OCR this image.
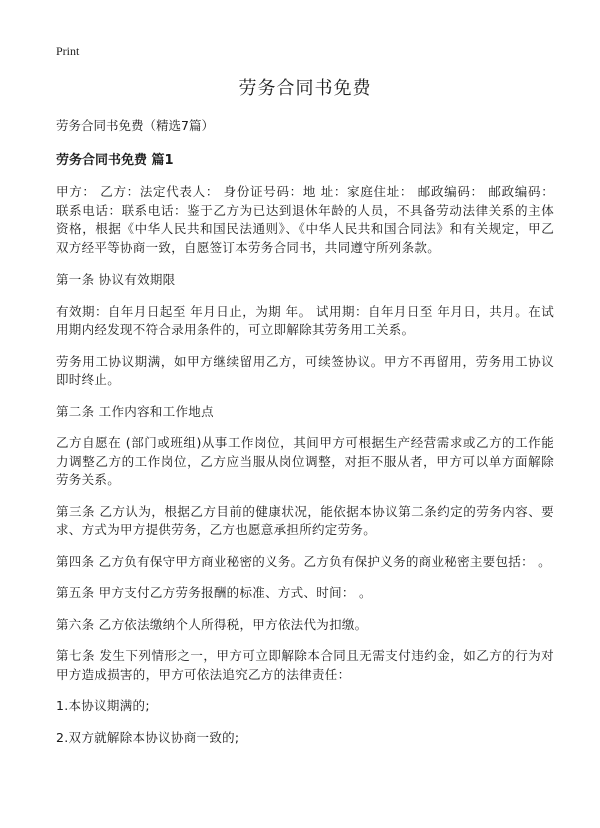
Print
劳务合同书免费
劳务合同书免费（精选7篇）
劳务合同书免费 篇1

甲方： 乙方：法定代表人： 身份证号码：地 址：家庭住址： 邮政编码： 邮政编码： 联系电话：联系电话：鉴于乙方为已达到退休年龄的人员，不具备劳动法律关系的主体资格，根据《中华人民共和国民法通则》、《中华人民共和国合同法》和有关规定，甲乙双方经平等协商一致，自愿签订本劳务合同书，共同遵守所列条款。

第一条 协议有效期限

有效期：自年月日起至 年月日止，为期 年。 试用期：自年月日至 年月日，共月。在试用期内经发现不符合录用条件的，可立即解除其劳务用工关系。

劳务用工协议期满，如甲方继续留用乙方，可续签协议。甲方不再留用，劳务用工协议即时终止。

第二条 工作内容和工作地点

乙方自愿在 (部门或班组)从事工作岗位，其间甲方可根据生产经营需求或乙方的工作能力调整乙方的工作岗位，乙方应当服从岗位调整，对拒不服从者，甲方可以单方面解除劳务关系。

第三条 乙方认为，根据乙方目前的健康状况，能依据本协议第二条约定的劳务内容、要求、方式为甲方提供劳务，乙方也愿意承担所约定劳务。

第四条 乙方负有保守甲方商业秘密的义务。乙方负有保护义务的商业秘密主要包括： 。

第五条 甲方支付乙方劳务报酬的标准、方式、时间： 。

第六条 乙方依法缴纳个人所得税，甲方依法代为扣缴。

第七条 发生下列情形之一，甲方可立即解除本合同且无需支付违约金，如乙方的行为对甲方造成损害的，甲方可依法追究乙方的法律责任：

1.本协议期满的;

2.双方就解除本协议协商一致的;
